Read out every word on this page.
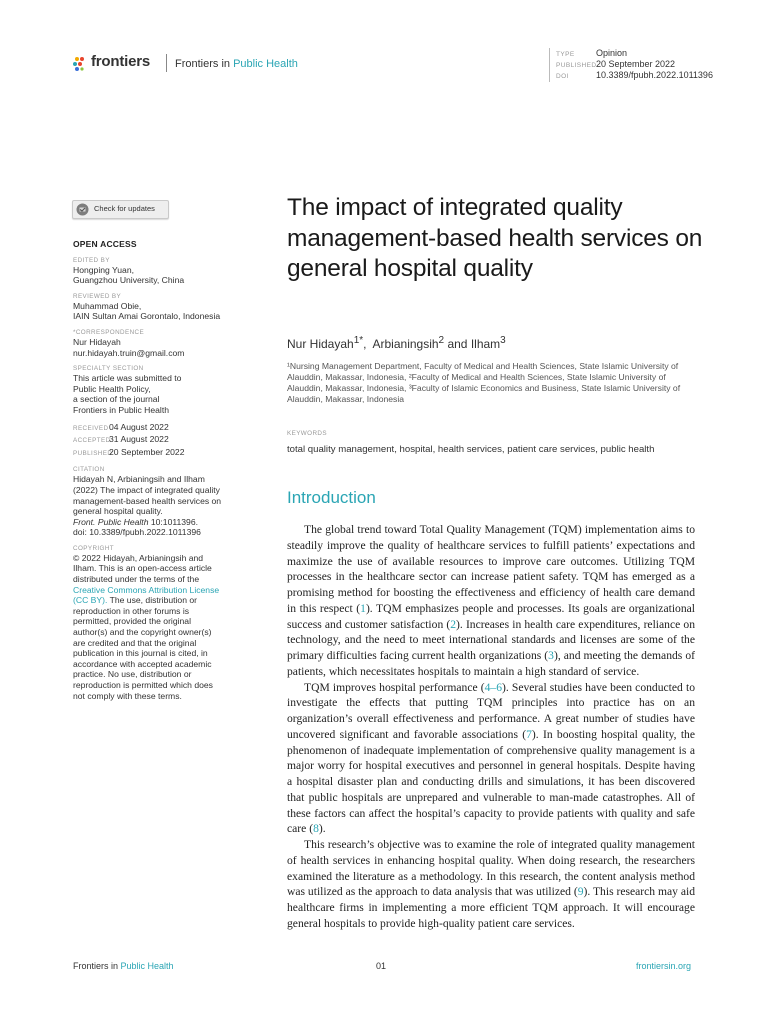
frontiers Frontiers in Public Health
TYPE Opinion
PUBLISHED20 September 2022
DOI	10.3389/fpubh.2022.1011396
Check for updates
OPEN ACCESS
EDITED BY
Hongping Yuan,
Guangzhou University, China
REVIEWED BY
Muhammad Obie,
IAIN Sultan Amai Gorontalo, Indonesia
*CORRESPONDENCE
Nur Hidayah
nur.hidayah.truin@gmail.com
SPECIALTY SECTION
This article was submitted to
Public Health Policy,
a section of the journal
Frontiers in Public Health
RECEIVED04 August 2022
ACCEPTED31 August 2022
PUBLISHED20 September 2022
CITATION
Hidayah N, Arbianingsih and Ilham
(2022) The impact of integrated quality
management-based health services on
general hospital quality.
Front. Public Health 10:1011396.
doi: 10.3389/fpubh.2022.1011396
COPYRIGHT
© 2022 Hidayah, Arbianingsih and
Ilham. This is an open-access article
distributed under the terms of the
Creative Commons Attribution License
(CC BY). The use, distribution or
reproduction in other forums is
permitted, provided the original
author(s) and the copyright owner(s)
are credited and that the original
publication in this journal is cited, in
accordance with accepted academic
practice. No use, distribution or
reproduction is permitted which does
not comply with these terms.
The impact of integrated quality management-based health services on general hospital quality
Nur Hidayah$^{1*}$,  Arbianingsih$^2$ and Ilham$^3$
¹Nursing Management Department, Faculty of Medical and Health Sciences, State Islamic University of Alauddin, Makassar, Indonesia, ²Faculty of Medical and Health Sciences, State Islamic University of Alauddin, Makassar, Indonesia, ³Faculty of Islamic Economics and Business, State Islamic University of Alauddin, Makassar, Indonesia
KEYWORDS
total quality management, hospital, health services, patient care services, public health
Introduction

The global trend toward Total Quality Management (TQM) implementation aims to steadily improve the quality of healthcare services to fulfill patients’ expectations and maximize the use of available resources to improve care outcomes. Utilizing TQM processes in the healthcare sector can increase patient safety. TQM has emerged as a promising method for boosting the effectiveness and efficiency of health care demand in this respect (1). TQM emphasizes people and processes. Its goals are organizational success and customer satisfaction (2). Increases in health care expenditures, reliance on technology, and the need to meet international standards and licenses are some of the primary difficulties facing current health organizations (3), and meeting the demands of patients, which necessitates hospitals to maintain a high standard of service.

TQM improves hospital performance (4–6). Several studies have been conducted to investigate the effects that putting TQM principles into practice has on an organization’s overall effectiveness and performance. A great number of studies have uncovered significant and favorable associations (7). In boosting hospital quality, the phenomenon of inadequate implementation of comprehensive quality management is a major worry for hospital executives and personnel in general hospitals. Despite having a hospital disaster plan and conducting drills and simulations, it has been discovered that public hospitals are unprepared and vulnerable to man-made catastrophes. All of these factors can affect the hospital’s capacity to provide patients with quality and safe care (8).

This research’s objective was to examine the role of integrated quality management of health services in enhancing hospital quality. When doing research, the researchers examined the literature as a methodology. In this research, the content analysis method was utilized as the approach to data analysis that was utilized (9). This research may aid healthcare firms in implementing a more efficient TQM approach. It will encourage general hospitals to provide high-quality patient care services.

Frontiers in Public Health	01	frontiersin.org
